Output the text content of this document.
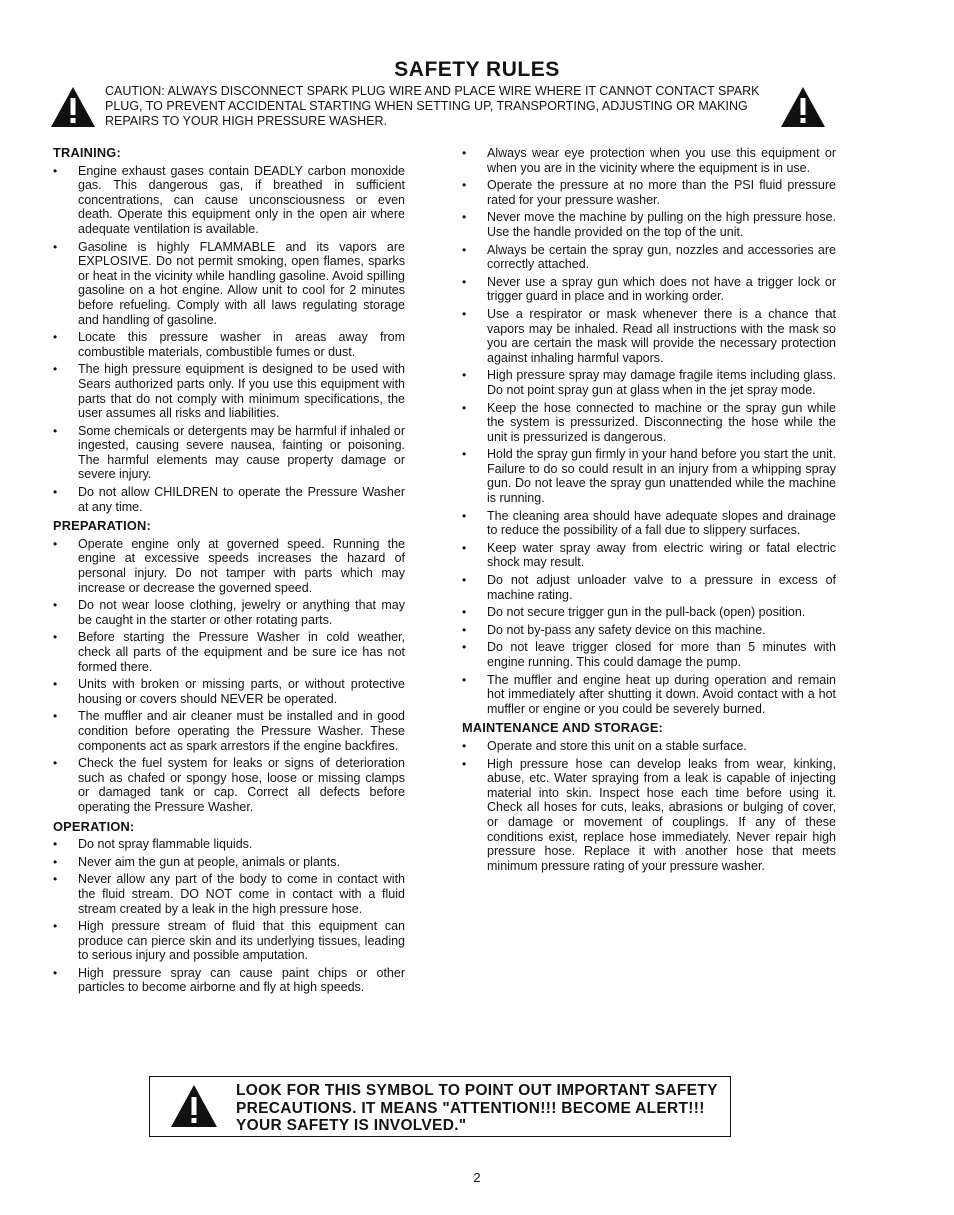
SAFETY RULES
CAUTION: ALWAYS DISCONNECT SPARK PLUG WIRE AND PLACE WIRE WHERE IT CANNOT CONTACT SPARK PLUG, TO PREVENT ACCIDENTAL STARTING WHEN SETTING UP, TRANSPORTING, ADJUSTING OR MAKING REPAIRS TO YOUR HIGH PRESSURE WASHER.
TRAINING:
• Engine exhaust gases contain DEADLY carbon monoxide gas. This dangerous gas, if breathed in sufficient concentrations, can cause unconsciousness or even death. Operate this equipment only in the open air where adequate ventilation is available.
• Gasoline is highly FLAMMABLE and its vapors are EXPLOSIVE. Do not permit smoking, open flames, sparks or heat in the vicinity while handling gasoline. Avoid spilling gasoline on a hot engine. Allow unit to cool for 2 minutes before refueling. Comply with all laws regulating storage and handling of gasoline.
• Locate this pressure washer in areas away from combustible materials, combustible fumes or dust.
• The high pressure equipment is designed to be used with Sears authorized parts only. If you use this equipment with parts that do not comply with minimum specifications, the user assumes all risks and liabilities.
• Some chemicals or detergents may be harmful if inhaled or ingested, causing severe nausea, fainting or poisoning. The harmful elements may cause property damage or severe injury.
• Do not allow CHILDREN to operate the Pressure Washer at any time.
PREPARATION:
• Operate engine only at governed speed. Running the engine at excessive speeds increases the hazard of personal injury. Do not tamper with parts which may increase or decrease the governed speed.
• Do not wear loose clothing, jewelry or anything that may be caught in the starter or other rotating parts.
• Before starting the Pressure Washer in cold weather, check all parts of the equipment and be sure ice has not formed there.
• Units with broken or missing parts, or without protective housing or covers should NEVER be operated.
• The muffler and air cleaner must be installed and in good condition before operating the Pressure Washer. These components act as spark arrestors if the engine backfires.
• Check the fuel system for leaks or signs of deterioration such as chafed or spongy hose, loose or missing clamps or damaged tank or cap. Correct all defects before operating the Pressure Washer.
OPERATION:
• Do not spray flammable liquids.
• Never aim the gun at people, animals or plants.
• Never allow any part of the body to come in contact with the fluid stream. DO NOT come in contact with a fluid stream created by a leak in the high pressure hose.
• High pressure stream of fluid that this equipment can produce can pierce skin and its underlying tissues, leading to serious injury and possible amputation.
• High pressure spray can cause paint chips or other particles to become airborne and fly at high speeds.
• Always wear eye protection when you use this equipment or when you are in the vicinity where the equipment is in use.
• Operate the pressure at no more than the PSI fluid pressure rated for your pressure washer.
• Never move the machine by pulling on the high pressure hose. Use the handle provided on the top of the unit.
• Always be certain the spray gun, nozzles and accessories are correctly attached.
• Never use a spray gun which does not have a trigger lock or trigger guard in place and in working order.
• Use a respirator or mask whenever there is a chance that vapors may be inhaled. Read all instructions with the mask so you are certain the mask will provide the necessary protection against inhaling harmful vapors.
• High pressure spray may damage fragile items including glass. Do not point spray gun at glass when in the jet spray mode.
• Keep the hose connected to machine or the spray gun while the system is pressurized. Disconnecting the hose while the unit is pressurized is dangerous.
• Hold the spray gun firmly in your hand before you start the unit. Failure to do so could result in an injury from a whipping spray gun. Do not leave the spray gun unattended while the machine is running.
• The cleaning area should have adequate slopes and drainage to reduce the possibility of a fall due to slippery surfaces.
• Keep water spray away from electric wiring or fatal electric shock may result.
• Do not adjust unloader valve to a pressure in excess of machine rating.
• Do not secure trigger gun in the pull-back (open) position.
• Do not by-pass any safety device on this machine.
• Do not leave trigger closed for more than 5 minutes with engine running. This could damage the pump.
• The muffler and engine heat up during operation and remain hot immediately after shutting it down. Avoid contact with a hot muffler or engine or you could be severely burned.
MAINTENANCE AND STORAGE:
• Operate and store this unit on a stable surface.
• High pressure hose can develop leaks from wear, kinking, abuse, etc. Water spraying from a leak is capable of injecting material into skin. Inspect hose each time before using it. Check all hoses for cuts, leaks, abrasions or bulging of cover, or damage or movement of couplings. If any of these conditions exist, replace hose immediately. Never repair high pressure hose. Replace it with another hose that meets minimum pressure rating of your pressure washer.
LOOK FOR THIS SYMBOL TO POINT OUT IMPORTANT SAFETY PRECAUTIONS. IT MEANS "ATTENTION!!! BECOME ALERT!!! YOUR SAFETY IS INVOLVED."
2
